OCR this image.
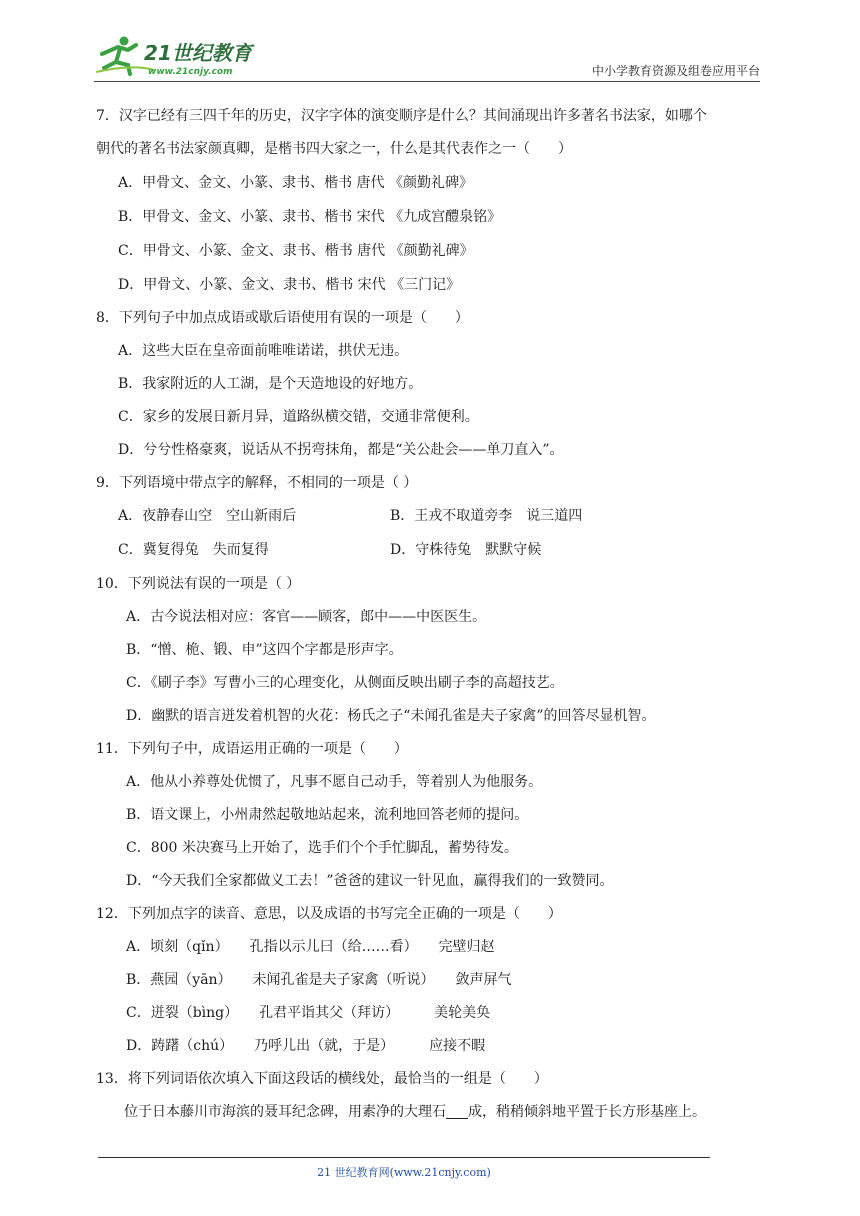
21世纪教育
www.21cnjy.com	中小学教育资源及组卷应用平台

7．汉字已经有三四千年的历史，汉字字体的演变顺序是什么？其间涌现出许多著名书法家，如哪个

朝代的著名书法家颜真卿，是楷书四大家之一，什么是其代表作之一（　　）

A．甲骨文、金文、小篆、隶书、楷书 唐代 《颜勤礼碑》

B．甲骨文、金文、小篆、隶书、楷书 宋代 《九成宫醴泉铭》

C．甲骨文、小篆、金文、隶书、楷书 唐代 《颜勤礼碑》

D．甲骨文、小篆、金文、隶书、楷书 宋代 《三门记》

8．下列句子中加点成语或歇后语使用有误的一项是（　　）

A．这些大臣在皇帝面前唯唯诺诺，拱伏无违。

B．我家附近的人工湖，是个天造地设的好地方。

C．家乡的发展日新月异，道路纵横交错，交通非常便利。

D．兮兮性格豪爽，说话从不拐弯抹角，都是“关公赴会——单刀直入”。

9．下列语境中带点字的解释，不相同的一项是（ ）

A．夜静春山空　空山新雨后	B．王戎不取道旁李　说三道四
C．冀复得兔　失而复得	D．守株待兔　默默守候

10．下列说法有误的一项是（ ）

A．古今说法相对应：客官——顾客，郎中——中医医生。

B．“憎、桅、锻、申”这四个字都是形声字。

C．《刷子李》写曹小三的心理变化，从侧面反映出刷子李的高超技艺。

D．幽默的语言迸发着机智的火花：杨氏之子“未闻孔雀是夫子家禽”的回答尽显机智。

11．下列句子中，成语运用正确的一项是（　　）

A．他从小养尊处优惯了，凡事不愿自己动手，等着别人为他服务。

B．语文课上，小州肃然起敬地站起来，流利地回答老师的提问。

C．800 米决赛马上开始了，选手们个个手忙脚乱，蓄势待发。

D．“今天我们全家都做义工去！”爸爸的建议一针见血，赢得我们的一致赞同。

12．下列加点字的读音、意思，以及成语的书写完全正确的一项是（　　）

A．顷刻（qǐn）　　孔指以示儿曰（给……看）　　完壁归赵

B．燕园（yān）　　未闻孔雀是夫子家禽（听说）　　敛声屏气

C．迸裂（bìng）　　孔君平诣其父（拜访）　　　美轮美奂

D．踌躇（chú）　　乃呼儿出（就，于是）　　　应接不暇

13．将下列词语依次填入下面这段话的横线处，最恰当的一组是（　　）

位于日本藤川市海滨的聂耳纪念碑，用素净的大理石 成，稍稍倾斜地平置于长方形基座上。

21 世纪教育网(www.21cnjy.com)
